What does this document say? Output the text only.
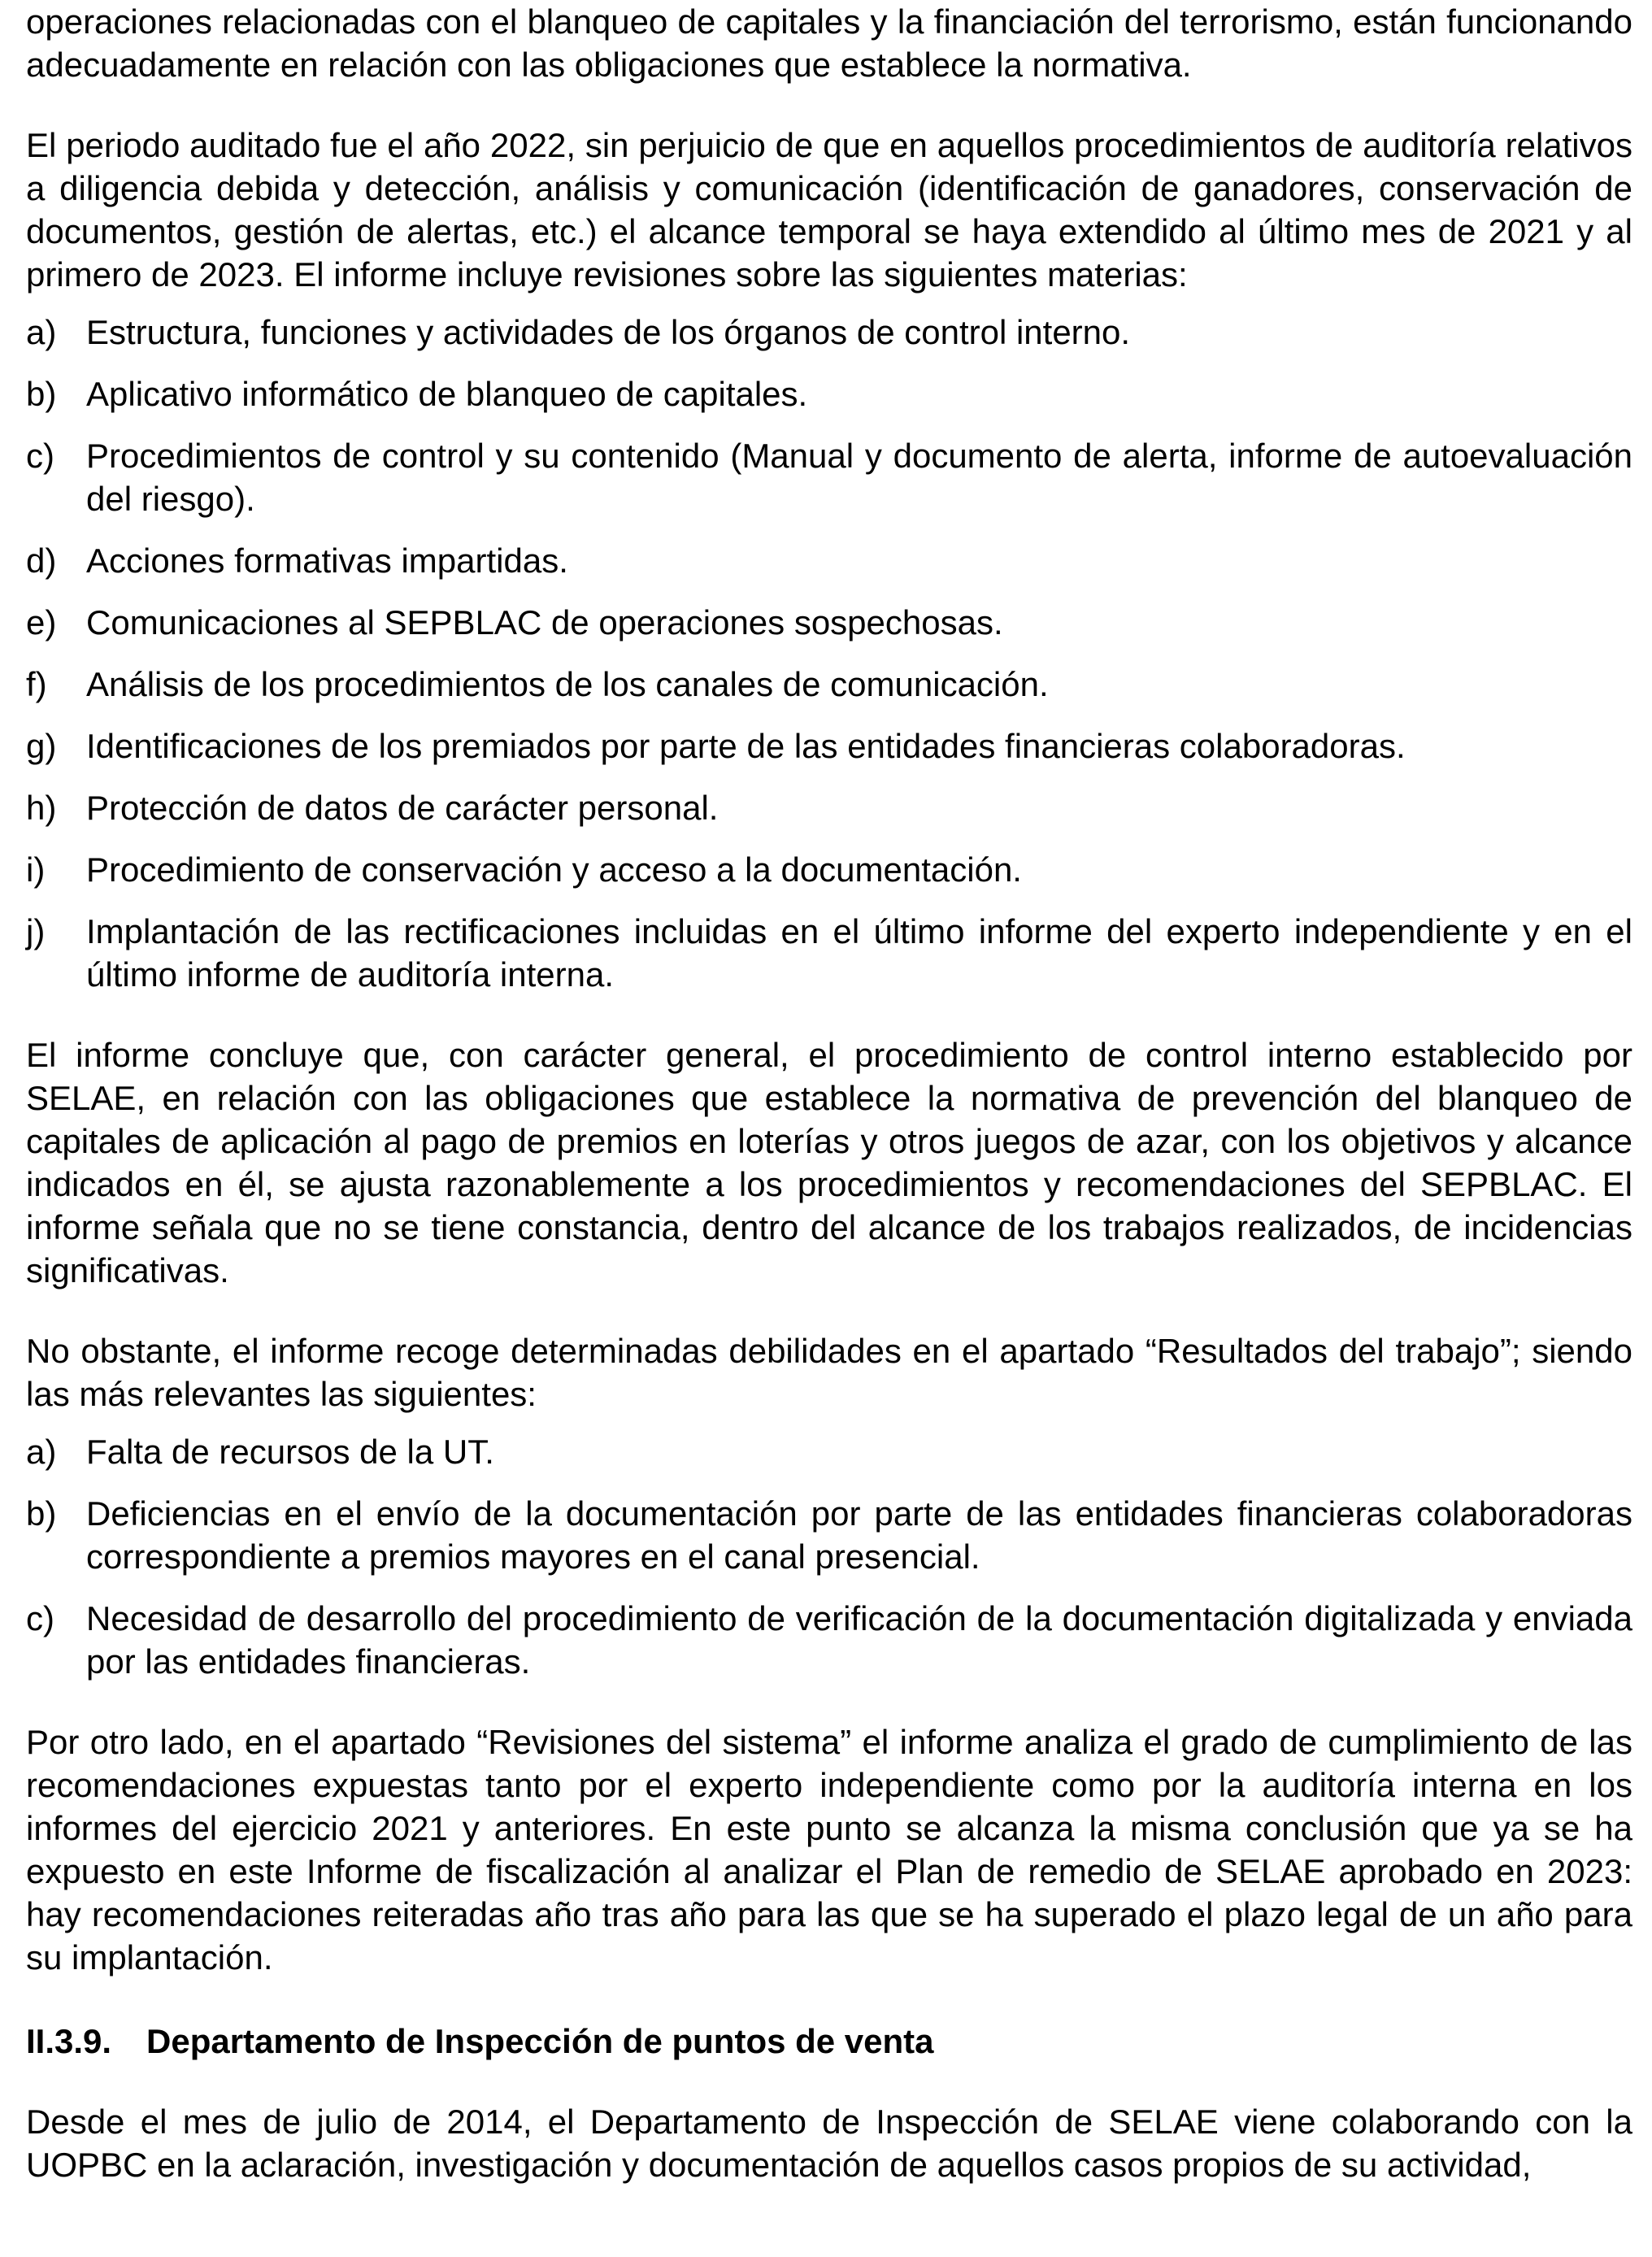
operaciones relacionadas con el blanqueo de capitales y la financiación del terrorismo, están funcionando adecuadamente en relación con las obligaciones que establece la normativa.

El periodo auditado fue el año 2022, sin perjuicio de que en aquellos procedimientos de auditoría relativos a diligencia debida y detección, análisis y comunicación (identificación de ganadores, conservación de documentos, gestión de alertas, etc.) el alcance temporal se haya extendido al último mes de 2021 y al primero de 2023. El informe incluye revisiones sobre las siguientes materias:

a) Estructura, funciones y actividades de los órganos de control interno.
b) Aplicativo informático de blanqueo de capitales.
c) Procedimientos de control y su contenido (Manual y documento de alerta, informe de autoevaluación del riesgo).
d) Acciones formativas impartidas.
e) Comunicaciones al SEPBLAC de operaciones sospechosas.
f) Análisis de los procedimientos de los canales de comunicación.
g) Identificaciones de los premiados por parte de las entidades financieras colaboradoras.
h) Protección de datos de carácter personal.
i) Procedimiento de conservación y acceso a la documentación.
j) Implantación de las rectificaciones incluidas en el último informe del experto independiente y en el último informe de auditoría interna.

El informe concluye que, con carácter general, el procedimiento de control interno establecido por SELAE, en relación con las obligaciones que establece la normativa de prevención del blanqueo de capitales de aplicación al pago de premios en loterías y otros juegos de azar, con los objetivos y alcance indicados en él, se ajusta razonablemente a los procedimientos y recomendaciones del SEPBLAC. El informe señala que no se tiene constancia, dentro del alcance de los trabajos realizados, de incidencias significativas.

No obstante, el informe recoge determinadas debilidades en el apartado “Resultados del trabajo”; siendo las más relevantes las siguientes:

a) Falta de recursos de la UT.
b) Deficiencias en el envío de la documentación por parte de las entidades financieras colaboradoras correspondiente a premios mayores en el canal presencial.
c) Necesidad de desarrollo del procedimiento de verificación de la documentación digitalizada y enviada por las entidades financieras.

Por otro lado, en el apartado “Revisiones del sistema” el informe analiza el grado de cumplimiento de las recomendaciones expuestas tanto por el experto independiente como por la auditoría interna en los informes del ejercicio 2021 y anteriores. En este punto se alcanza la misma conclusión que ya se ha expuesto en este Informe de fiscalización al analizar el Plan de remedio de SELAE aprobado en 2023: hay recomendaciones reiteradas año tras año para las que se ha superado el plazo legal de un año para su implantación.

II.3.9. Departamento de Inspección de puntos de venta

Desde el mes de julio de 2014, el Departamento de Inspección de SELAE viene colaborando con la UOPBC en la aclaración, investigación y documentación de aquellos casos propios de su actividad,
